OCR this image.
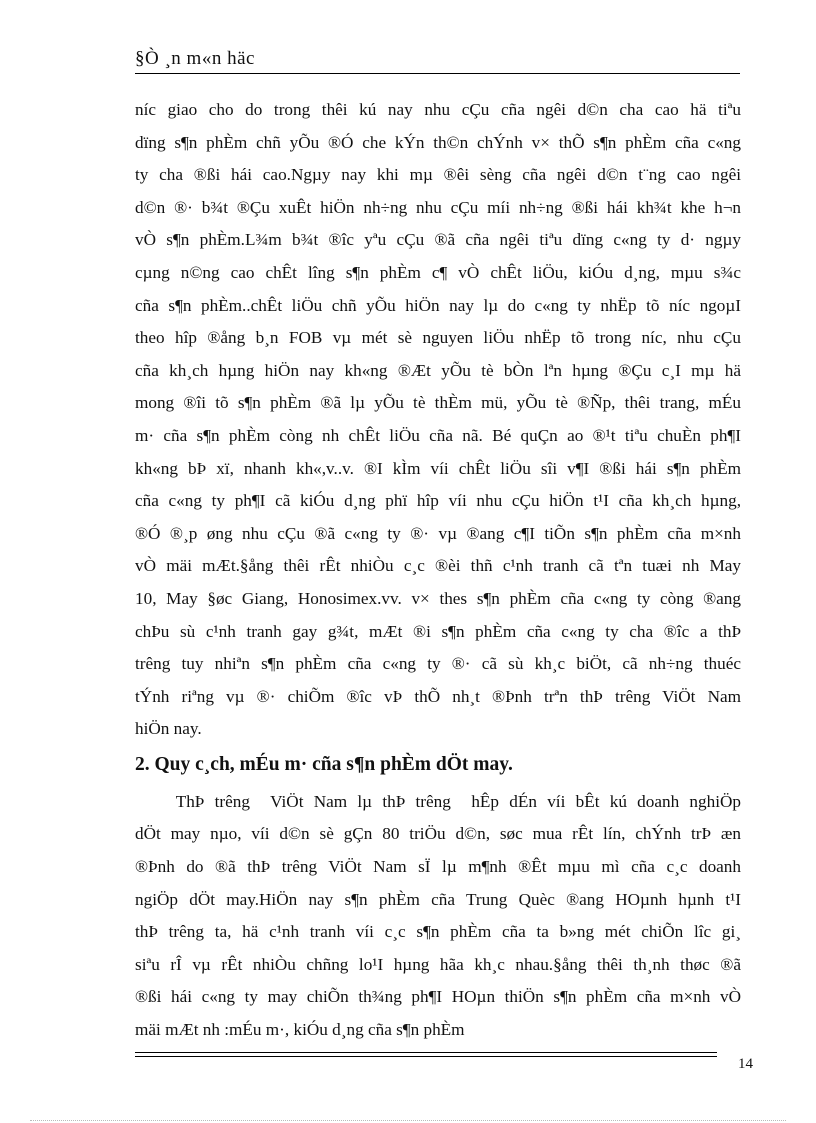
§Ò ¸n m«n häc

níc giao cho do trong thêi kú nay nhu cÇu cña ngêi d©n cha cao hä tiªu
dïng s¶n phÈm chñ yÕu ®Ó che kÝn th©n chÝnh v× thÕ s¶n phÈm cña c«ng
ty cha ®ßi hái cao.Ngµy nay khi mµ ®êi sèng cña ngêi d©n t¨ng cao ngêi
d©n ®· b¾t ®Çu xuÊt hiÖn nh÷ng nhu cÇu míi nh÷ng ®ßi hái kh¾t khe h¬n
vÒ s¶n phÈm.L¾m b¾t ®îc yªu cÇu ®ã cña ngêi tiªu dïng c«ng ty d· ngµy
cµng n©ng cao chÊt lîng s¶n phÈm c¶ vÒ chÊt liÖu, kiÓu d¸ng, mµu s¾c
cña s¶n phÈm..chÊt liÖu chñ yÕu hiÖn nay lµ do c«ng ty nhËp tõ níc ngoµI
theo hîp ®ång b¸n FOB vµ mét sè nguyen liÖu nhËp tõ trong níc, nhu cÇu
cña kh¸ch hµng hiÖn nay kh«ng ®Æt yÕu tè bÒn lªn hµng ®Çu c¸I mµ hä
mong ®îi tõ s¶n phÈm ®ã lµ yÕu tè thÈm mü, yÕu tè ®Ñp, thêi trang, mÉu
m· cña s¶n phÈm còng nh chÊt liÖu cña nã. Bé quÇn ao ®¹t tiªu chuÈn ph¶I
kh«ng bÞ xï, nhanh kh«,v..v. ®I kÌm víi chÊt liÖu sîi v¶I ®ßi hái s¶n phÈm
cña c«ng ty ph¶I cã kiÓu d¸ng phï hîp víi nhu cÇu hiÖn t¹I cña kh¸ch hµng,
®Ó ®¸p øng nhu cÇu ®ã c«ng ty ®· vµ ®ang c¶I tiÕn s¶n phÈm cña m×nh
vÒ mäi mÆt.§ång thêi rÊt nhiÒu c¸c ®èi thñ c¹nh tranh cã tªn tuæi nh May
10, May §øc Giang, Honosimex.vv. v× thes s¶n phÈm cña c«ng ty còng ®ang
chÞu sù c¹nh tranh gay g¾t, mÆt ®i s¶n phÈm cña c«ng ty cha ®îc a thÞ
trêng tuy nhiªn s¶n phÈm cña c«ng ty ®· cã sù kh¸c biÖt, cã nh÷ng thuéc
tÝnh riªng vµ ®· chiÕm ®îc vÞ thÕ nh¸t ®Þnh trªn thÞ trêng ViÖt Nam
hiÖn nay.

2. Quy c¸ch, mÉu m· cña s¶n phÈm dÖt may.

ThÞ trêng  ViÖt Nam lµ thÞ trêng  hÊp dÉn víi bÊt kú doanh nghiÖp
dÖt may nµo, víi d©n sè gÇn 80 triÖu d©n, søc mua rÊt lín, chÝnh trÞ æn
®Þnh do ®ã thÞ trêng ViÖt Nam sÏ lµ m¶nh ®Êt mµu mì cña c¸c doanh
ngiÖp dÖt may.HiÖn nay s¶n phÈm cña Trung Quèc ®ang HOµnh hµnh t¹I
thÞ trêng ta, hä c¹nh tranh víi c¸c s¶n phÈm cña ta b»ng mét chiÕn lîc gi¸
siªu rÎ vµ rÊt nhiÒu chñng lo¹I hµng hãa kh¸c nhau.§ång thêi th¸nh thøc ®ã
®ßi hái c«ng ty may chiÕn th¾ng ph¶I HOµn thiÖn s¶n phÈm cña m×nh vÒ
mäi mÆt nh :mÉu m·, kiÓu d¸ng cña s¶n phÈm

14
